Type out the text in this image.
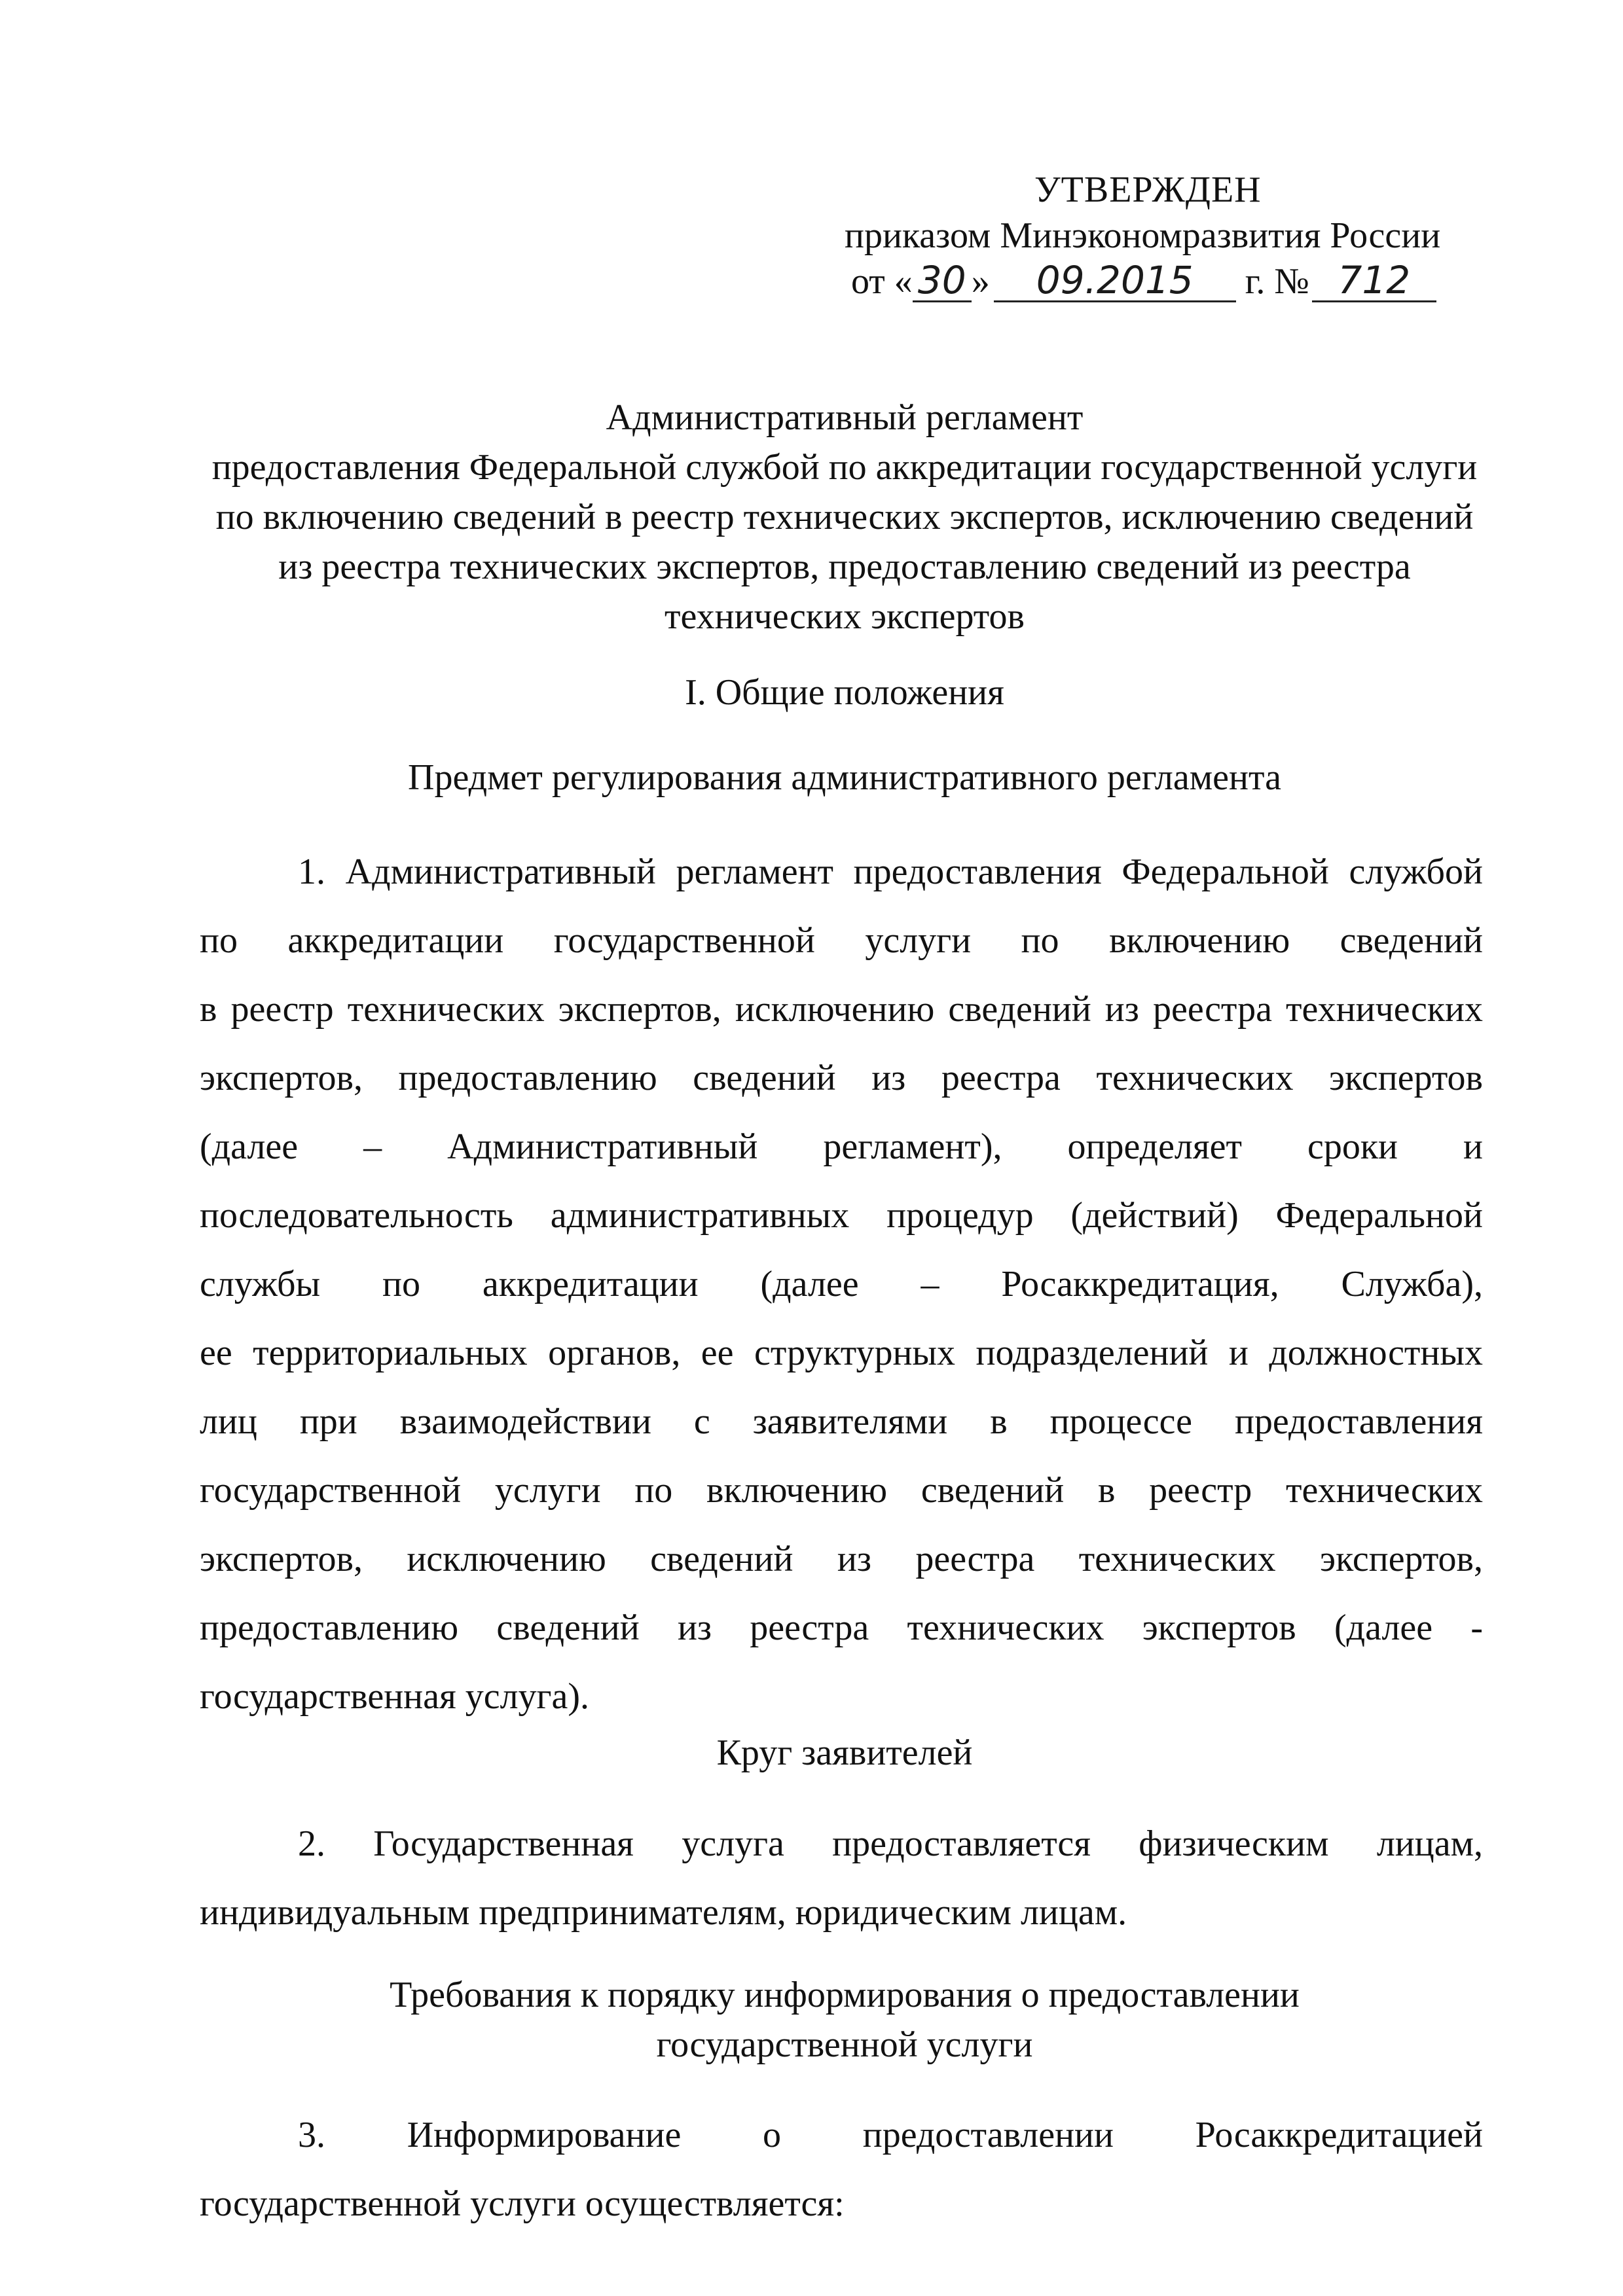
УТВЕРЖДЕН
приказом Минэкономразвития России
от « 30 » 09.2015 г. № 712
Административный регламент
предоставления Федеральной службой по аккредитации государственной услуги
по включению сведений в реестр технических экспертов, исключению сведений
из реестра технических экспертов, предоставлению сведений из реестра
технических экспертов
I. Общие положения
Предмет регулирования административного регламента
1. Административный регламент предоставления Федеральной службой
по аккредитации государственной услуги по включению сведений
в реестр технических экспертов, исключению сведений из реестра технических
экспертов, предоставлению сведений из реестра технических экспертов
(далее – Административный регламент), определяет сроки и
последовательность административных процедур (действий) Федеральной
службы по аккредитации (далее – Росаккредитация, Служба),
ее территориальных органов, ее структурных подразделений и должностных
лиц при взаимодействии с заявителями в процессе предоставления
государственной услуги по включению сведений в реестр технических
экспертов, исключению сведений из реестра технических экспертов,
предоставлению сведений из реестра технических экспертов (далее -
государственная услуга).
Круг заявителей
2. Государственная услуга предоставляется физическим лицам,
индивидуальным предпринимателям, юридическим лицам.
Требования к порядку информирования о предоставлении
государственной услуги
3. Информирование о предоставлении Росаккредитацией
государственной услуги осуществляется:
